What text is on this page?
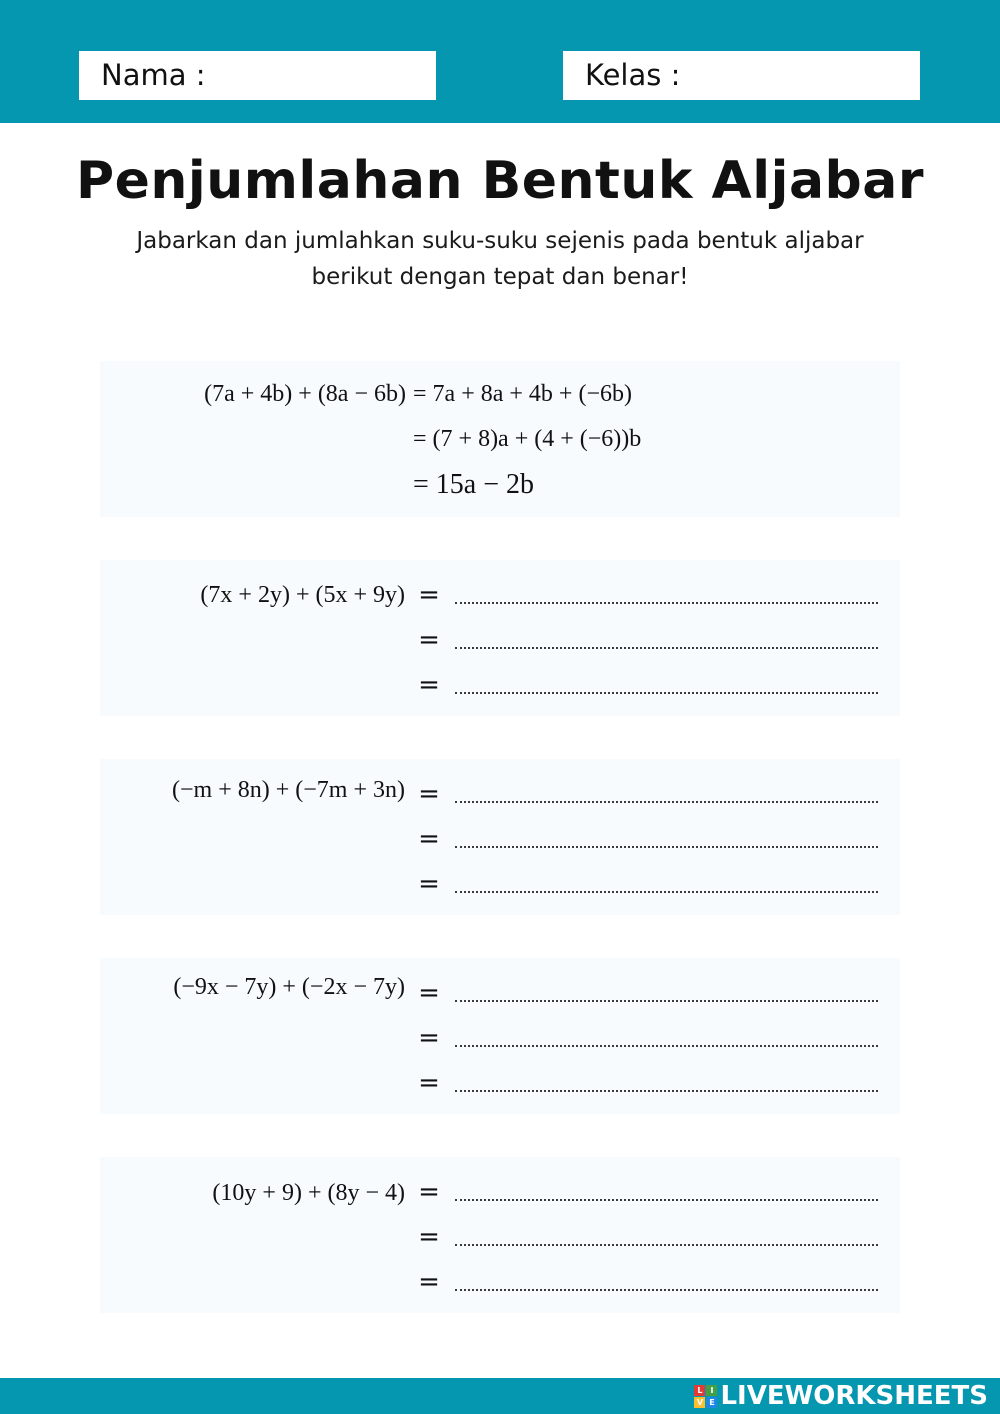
Nama :	Kelas :
Penjumlahan Bentuk Aljabar
Jabarkan dan jumlahkan suku-suku sejenis pada bentuk aljabar
berikut dengan tepat dan benar!
(7a + 4b) + (8a − 6b) = 7a + 8a + 4b + (−6b)
= (7 + 8)a + (4 + (−6))b
= 15a − 2b
(7x + 2y) + (5x + 9y) =
=
=
(−m + 8n) + (−7m + 3n) =
=
=
(−9x − 7y) + (−2x − 7y) =
=
=
(10y + 9) + (8y − 4) =
=
=
L I
V E LIVEWORKSHEETS
